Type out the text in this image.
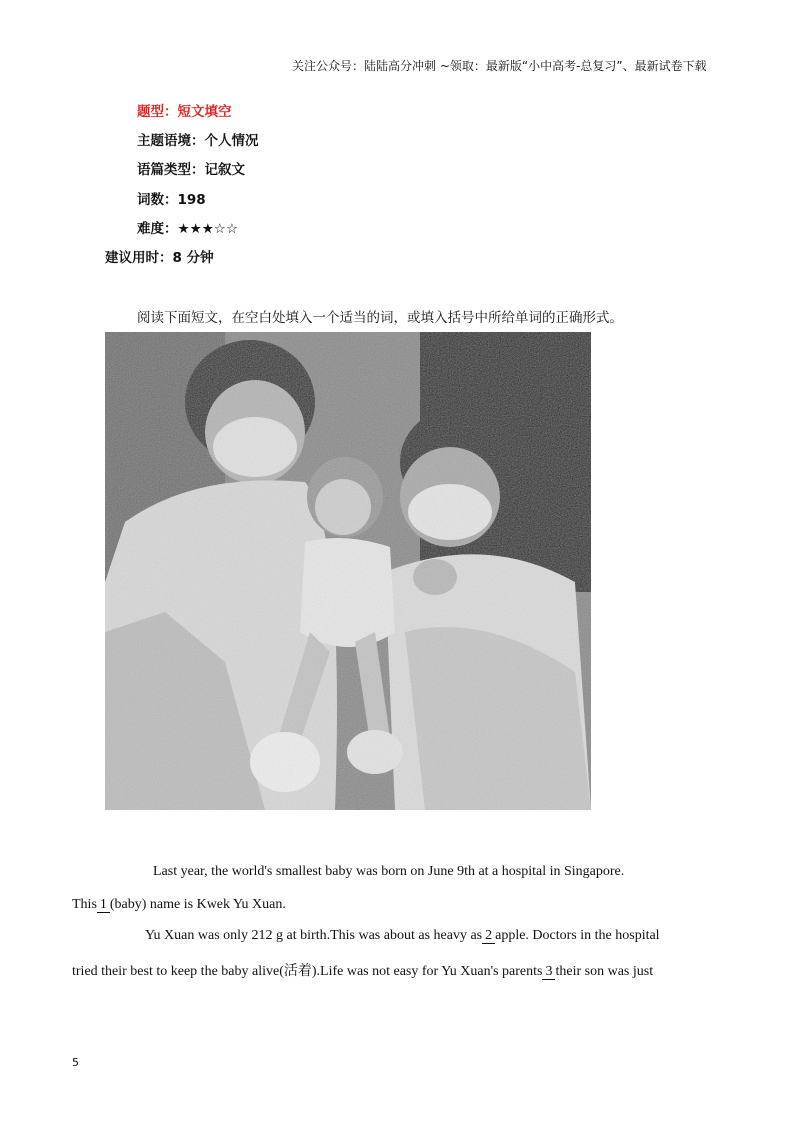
关注公众号：陆陆高分冲刺 ~领取：最新版“小中高考-总复习”、最新试卷下载
题型：短文填空
主题语境：个人情况
语篇类型：记叙文
词数：198
难度：★★★☆☆
建议用时：8 分钟
阅读下面短文，在空白处填入一个适当的词，或填入括号中所给单词的正确形式。
Last year, the world's smallest baby was born on June 9th at a hospital in Singapore.
This 1 (baby) name is Kwek Yu Xuan.
Yu Xuan was only 212 g at birth.This was about as heavy as 2 apple. Doctors in the hospital
tried their best to keep the baby alive(活着).Life was not easy for Yu Xuan's parents 3 their son was just
5
